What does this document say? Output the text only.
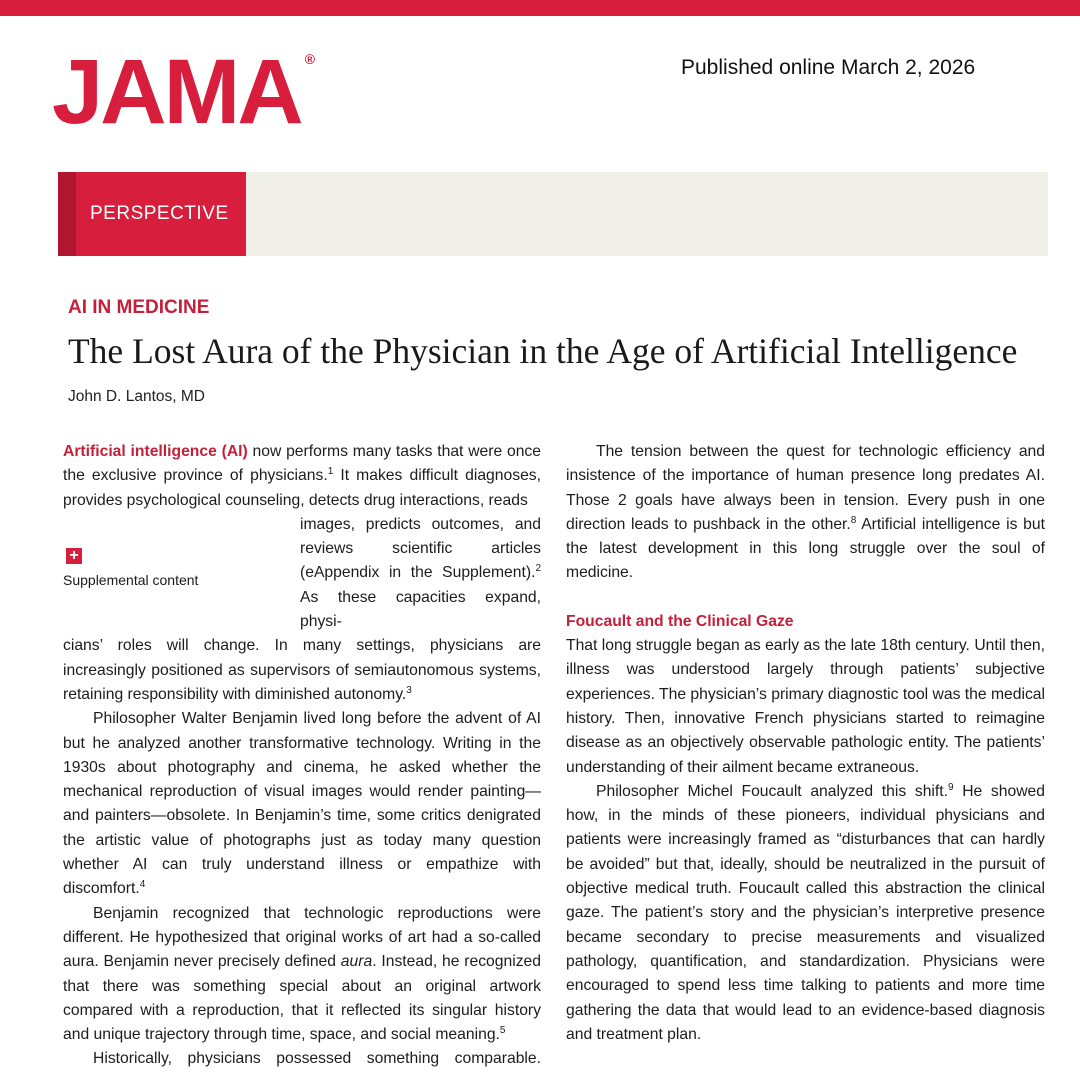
JAMA ®	Published online March 2, 2026
PERSPECTIVE
AI IN MEDICINE
The Lost Aura of the Physician in the Age of Artificial Intelligence
John D. Lantos, MD
+
Supplemental content

Artificial intelligence (AI) now performs many tasks that were once the exclusive province of physicians.$^1$ It makes difficult diagnoses, provides psychological counseling, detects drug interactions, reads

images, predicts outcomes, and reviews scientific articles (eAppendix in the Supplement).$^2$ As these capacities expand, physi-

cians’ roles will change. In many settings, physicians are increasingly positioned as supervisors of semiautonomous systems, retaining responsibility with diminished autonomy.$^3$

Philosopher Walter Benjamin lived long before the advent of AI but he analyzed another transformative technology. Writing in the 1930s about photography and cinema, he asked whether the mechanical reproduction of visual images would render painting—and painters—obsolete. In Benjamin’s time, some critics denigrated the artistic value of photographs just as today many question whether AI can truly understand illness or empathize with discomfort.$^4$

Benjamin recognized that technologic reproductions were different. He hypothesized that original works of art had a so-called aura. Benjamin never precisely defined aura. Instead, he recognized that there was something special about an original artwork compared with a reproduction, that it reflected its singular history and unique trajectory through time, space, and social meaning.$^5$

Historically, physicians possessed something comparable.

The tension between the quest for technologic efficiency and insistence of the importance of human presence long predates AI. Those 2 goals have always been in tension. Every push in one direction leads to pushback in the other.$^8$ Artificial intelligence is but the latest development in this long struggle over the soul of medicine.

Foucault and the Clinical Gaze

That long struggle began as early as the late 18th century. Until then, illness was understood largely through patients’ subjective experiences. The physician’s primary diagnostic tool was the medical history. Then, innovative French physicians started to reimagine disease as an objectively observable pathologic entity. The patients’ understanding of their ailment became extraneous.

Philosopher Michel Foucault analyzed this shift.$^9$ He showed how, in the minds of these pioneers, individual physicians and patients were increasingly framed as “disturbances that can hardly be avoided” but that, ideally, should be neutralized in the pursuit of objective medical truth. Foucault called this abstraction the clinical gaze. The patient’s story and the physician’s interpretive presence became secondary to precise measurements and visualized pathology, quantification, and standardization. Physicians were encouraged to spend less time talking to patients and more time gathering the data that would lead to an evidence-based diagnosis and treatment plan.
